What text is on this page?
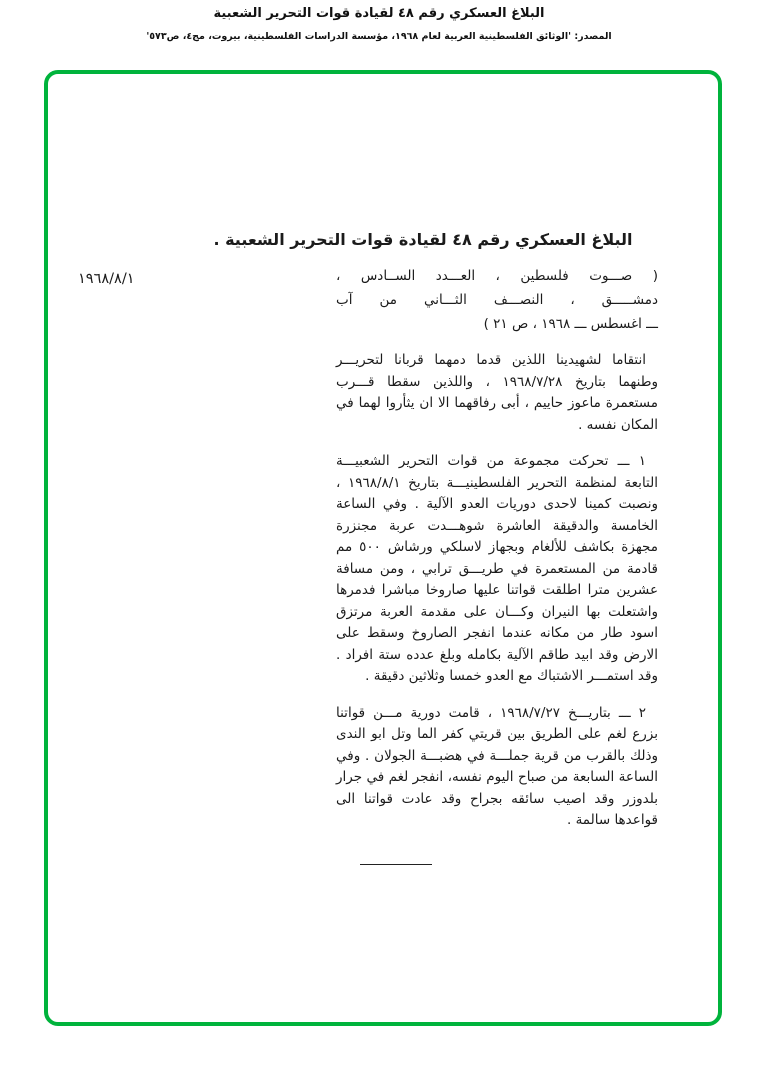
البلاغ العسكري رقم ٤٨ لقيادة قوات التحرير الشعبية
المصدر: 'الوثائق الفلسطينية العربية لعام ١٩٦٨، مؤسسة الدراسات الفلسطينية، بيروت، مج٤، ص٥٧٣'
البلاغ العسكري رقم ٤٨ لقيادة قوات التحرير الشعبية .
١٩٦٨/٨/١	( صـــوت فلسطين ، العـــدد الســادس ،
دمشـــــق ، النصـــف الثـــاني من آب
ـــ اغسطس ـــ ١٩٦٨ ، ص ٢١ )

انتقاما لشهيدينا اللذين قدما دمهما قربانا لتحريـــر وطنهما بتاريخ ١٩٦٨/٧/٢٨ ، واللذين سقطا قـــرب مستعمرة ماعوز حاييم ، أبى رفاقهما الا ان يثأروا لهما في المكان نفسه .

١ ـــ تحركت مجموعة من قوات التحرير الشعبيـــة التابعة لمنظمة التحرير الفلسطينيـــة بتاريخ ١٩٦٨/٨/١ ، ونصبت كمينا لاحدى دوريات العدو الآلية . وفي الساعة الخامسة والدقيقة العاشرة شوهـــدت عربة مجنزرة مجهزة بكاشف للألغام وبجهاز لاسلكي ورشاش ٥٠٠ مم قادمة من المستعمرة في طريـــق ترابي ، ومن مسافة عشرين مترا اطلقت قواتنا عليها صاروخا مباشرا فدمرها واشتعلت بها النيران وكـــان على مقدمة العربة مرتزق اسود طار من مكانه عندما انفجر الصاروخ وسقط على الارض وقد ابيد طاقم الآلية بكامله وبلغ عدده ستة افراد . وقد استمـــر الاشتباك مع العدو خمسا وثلاثين دقيقة .

٢ ـــ بتاريـــخ ١٩٦٨/٧/٢٧ ، قامت دورية مـــن قواتنا بزرع لغم على الطريق بين قريتي كفر الما وتل ابو الندى وذلك بالقرب من قرية جملـــة في هضبـــة الجولان . وفي الساعة السابعة من صباح اليوم نفسه، انفجر لغم في جرار بلدوزر وقد اصيب سائقه بجراح وقد عادت قواتنا الى قواعدها سالمة .
